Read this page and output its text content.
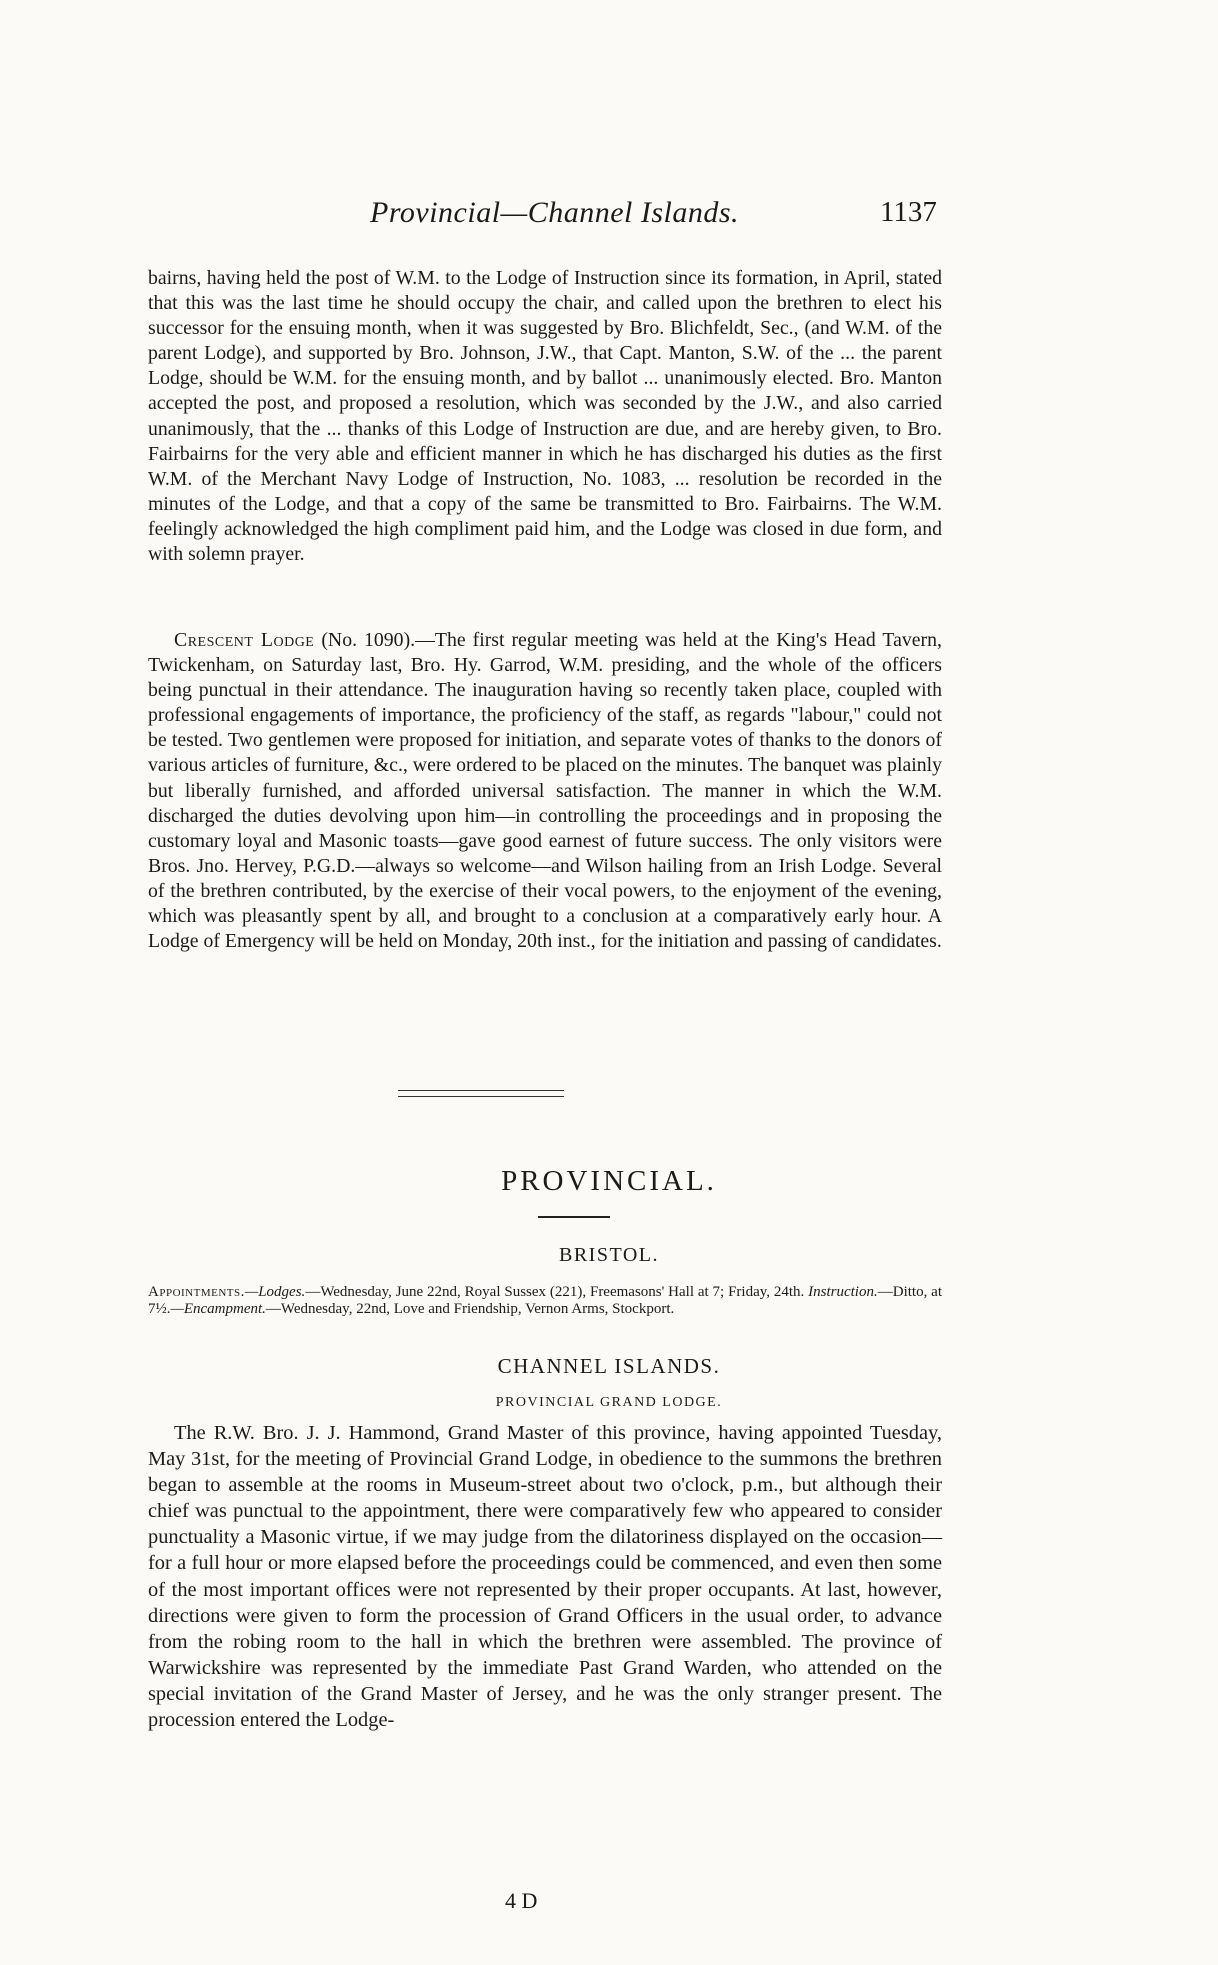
Provincial—Channel Islands.	1137

bairns, having held the post of W.M. to the Lodge of Instruction since its formation, in April, stated that this was the last time he should occupy the chair, and called upon the brethren to elect his successor for the ensuing month, when it was suggested by Bro. Blichfeldt, Sec., (and W.M. of the parent Lodge), and supported by Bro. Johnson, J.W., that Capt. Manton, S.W. of the ... the parent Lodge, should be W.M. for the ensuing month, and by ballot ... unanimously elected. Bro. Manton accepted the post, and proposed a resolution, which was seconded by the J.W., and also carried unanimously, that the ... thanks of this Lodge of Instruction are due, and are hereby given, to Bro. Fairbairns for the very able and efficient manner in which he has discharged his duties as the first W.M. of the Merchant Navy Lodge of Instruction, No. 1083, ... resolution be recorded in the minutes of the Lodge, and that a copy of the same be transmitted to Bro. Fairbairns. The W.M. feelingly acknowledged the high compliment paid him, and the Lodge was closed in due form, and with solemn prayer.

Crescent Lodge (No. 1090).—The first regular meeting was held at the King's Head Tavern, Twickenham, on Saturday last, Bro. Hy. Garrod, W.M. presiding, and the whole of the officers being punctual in their attendance. The inauguration having so recently taken place, coupled with professional engagements of importance, the proficiency of the staff, as regards "labour," could not be tested. Two gentlemen were proposed for initiation, and separate votes of thanks to the donors of various articles of furniture, &c., were ordered to be placed on the minutes. The banquet was plainly but liberally furnished, and afforded universal satisfaction. The manner in which the W.M. discharged the duties devolving upon him—in controlling the proceedings and in proposing the customary loyal and Masonic toasts—gave good earnest of future success. The only visitors were Bros. Jno. Hervey, P.G.D.—always so welcome—and Wilson hailing from an Irish Lodge. Several of the brethren contributed, by the exercise of their vocal powers, to the enjoyment of the evening, which was pleasantly spent by all, and brought to a conclusion at a comparatively early hour. A Lodge of Emergency will be held on Monday, 20th inst., for the initiation and passing of candidates.

PROVINCIAL.
BRISTOL.
Appointments.—Lodges.—Wednesday, June 22nd, Royal Sussex (221), Freemasons' Hall at 7; Friday, 24th. Instruction.—Ditto, at 7½.—Encampment.—Wednesday, 22nd, Love and Friendship, Vernon Arms, Stockport.
CHANNEL ISLANDS.
PROVINCIAL GRAND LODGE.

The R.W. Bro. J. J. Hammond, Grand Master of this province, having appointed Tuesday, May 31st, for the meeting of Provincial Grand Lodge, in obedience to the summons the brethren began to assemble at the rooms in Museum-street about two o'clock, p.m., but although their chief was punctual to the appointment, there were comparatively few who appeared to consider punctuality a Masonic virtue, if we may judge from the dilatoriness displayed on the occasion—for a full hour or more elapsed before the proceedings could be commenced, and even then some of the most important offices were not represented by their proper occupants. At last, however, directions were given to form the procession of Grand Officers in the usual order, to advance from the robing room to the hall in which the brethren were assembled. The province of Warwickshire was represented by the immediate Past Grand Warden, who attended on the special invitation of the Grand Master of Jersey, and he was the only stranger present. The procession entered the Lodge-

4 D
